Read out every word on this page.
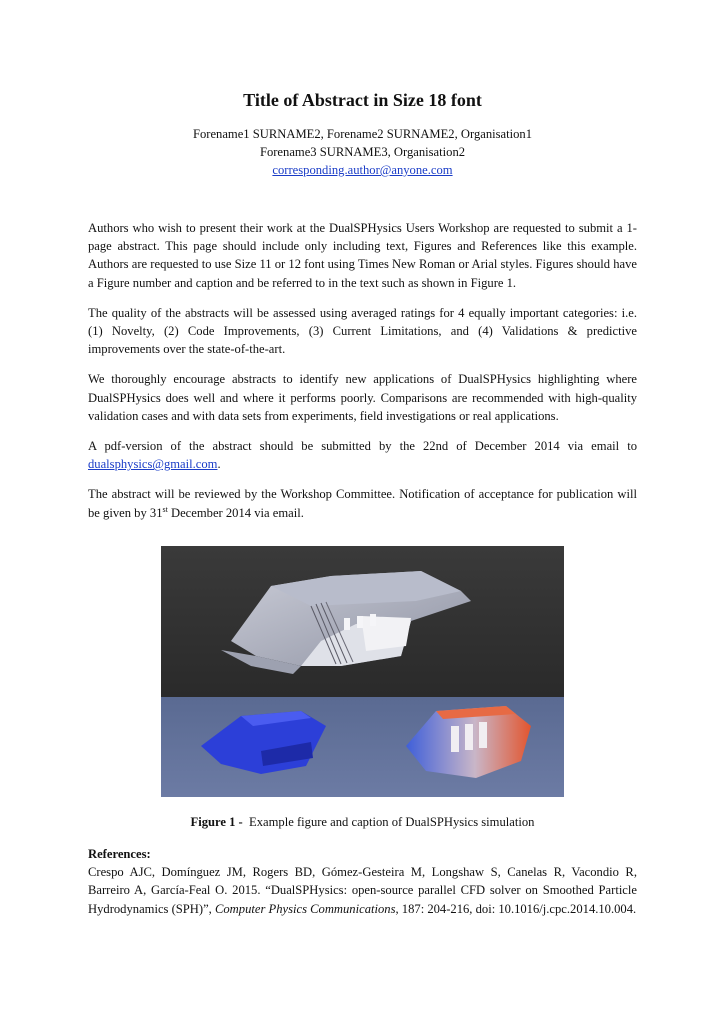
Title of Abstract in Size 18 font
Forename1 SURNAME2, Forename2 SURNAME2, Organisation1
Forename3 SURNAME3, Organisation2
corresponding.author@anyone.com

Authors who wish to present their work at the DualSPHysics Users Workshop are requested to submit a 1-page abstract. This page should include only including text, Figures and References like this example. Authors are requested to use Size 11 or 12 font using Times New Roman or Arial styles. Figures should have a Figure number and caption and be referred to in the text such as shown in Figure 1.

The quality of the abstracts will be assessed using averaged ratings for 4 equally important categories: i.e. (1) Novelty, (2) Code Improvements, (3) Current Limitations, and (4) Validations & predictive improvements over the state-of-the-art.

We thoroughly encourage abstracts to identify new applications of DualSPHysics highlighting where DualSPHysics does well and where it performs poorly. Comparisons are recommended with high-quality validation cases and with data sets from experiments, field investigations or real applications.

A pdf-version of the abstract should be submitted by the 22nd of December 2014 via email to dualsphysics@gmail.com.

The abstract will be reviewed by the Workshop Committee. Notification of acceptance for publication will be given by 31st December 2014 via email.

Figure 1 -  Example figure and caption of DualSPHysics simulation
References:
Crespo AJC, Domínguez JM, Rogers BD, Gómez-Gesteira M, Longshaw S, Canelas R, Vacondio R, Barreiro A, García-Feal O. 2015. “DualSPHysics: open-source parallel CFD solver on Smoothed Particle Hydrodynamics (SPH)”, Computer Physics Communications, 187: 204-216, doi: 10.1016/j.cpc.2014.10.004.
